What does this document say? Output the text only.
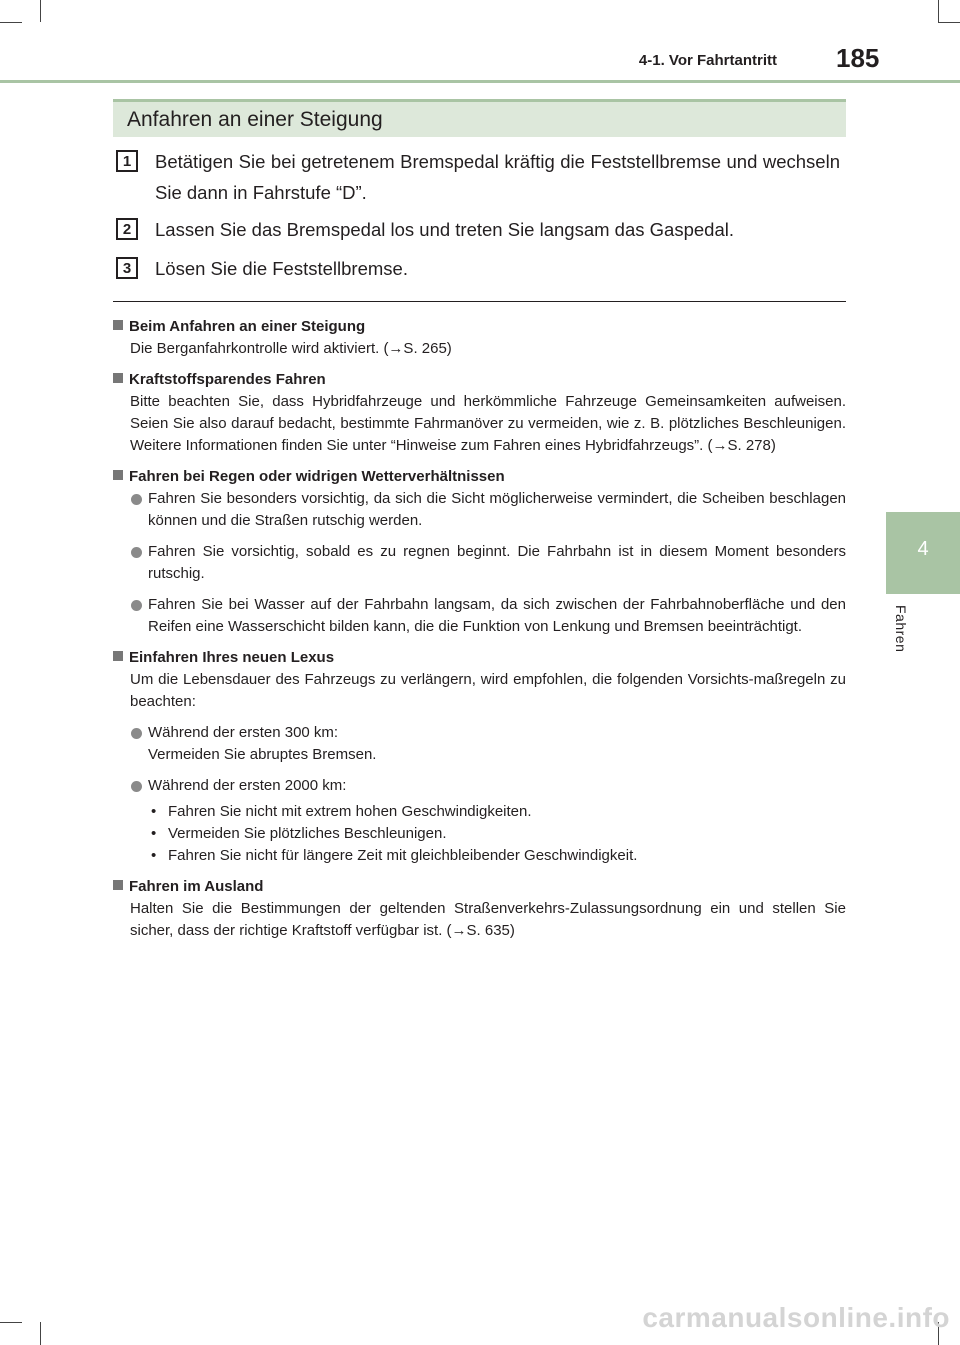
4-1. Vor Fahrtantritt 185
4
Fahren
Anfahren an einer Steigung
1	Betätigen Sie bei getretenem Bremspedal kräftig die Feststellbremse und wechseln Sie dann in Fahrstufe “D”.
2	Lassen Sie das Bremspedal los und treten Sie langsam das Gaspedal.
3	Lösen Sie die Feststellbremse.
Beim Anfahren an einer Steigung
Die Berganfahrkontrolle wird aktiviert. (→S. 265)
Kraftstoffsparendes Fahren
Bitte beachten Sie, dass Hybridfahrzeuge und herkömmliche Fahrzeuge Gemeinsamkeiten aufweisen. Seien Sie also darauf bedacht, bestimmte Fahrmanöver zu vermeiden, wie z. B. plötzliches Beschleunigen. Weitere Informationen finden Sie unter “Hinweise zum Fahren eines Hybridfahrzeugs”. (→S. 278)
Fahren bei Regen oder widrigen Wetterverhältnissen
Fahren Sie besonders vorsichtig, da sich die Sicht möglicherweise vermindert, die Scheiben beschlagen können und die Straßen rutschig werden.
Fahren Sie vorsichtig, sobald es zu regnen beginnt. Die Fahrbahn ist in diesem Moment besonders rutschig.
Fahren Sie bei Wasser auf der Fahrbahn langsam, da sich zwischen der Fahrbahnoberfläche und den Reifen eine Wasserschicht bilden kann, die die Funktion von Lenkung und Bremsen beeinträchtigt.
Einfahren Ihres neuen Lexus
Um die Lebensdauer des Fahrzeugs zu verlängern, wird empfohlen, die folgenden Vorsichts-maßregeln zu beachten:
Während der ersten 300 km:
Vermeiden Sie abruptes Bremsen.
Während der ersten 2000 km:
• Fahren Sie nicht mit extrem hohen Geschwindigkeiten.
• Vermeiden Sie plötzliches Beschleunigen.
• Fahren Sie nicht für längere Zeit mit gleichbleibender Geschwindigkeit.
Fahren im Ausland
Halten Sie die Bestimmungen der geltenden Straßenverkehrs-Zulassungsordnung ein und stellen Sie sicher, dass der richtige Kraftstoff verfügbar ist. (→S. 635)
carmanualsonline.info
